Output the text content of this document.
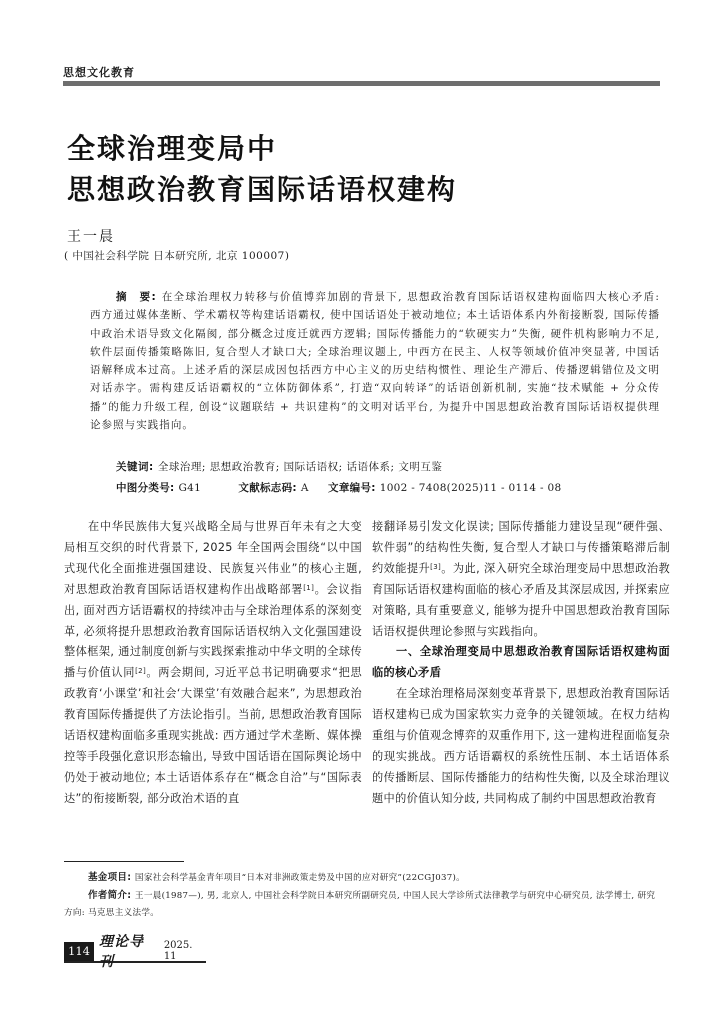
思想文化教育
全球治理变局中
思想政治教育国际话语权建构
王一晨
( 中国社会科学院 日本研究所, 北京 100007)

摘　要: 在全球治理权力转移与价值博弈加剧的背景下, 思想政治教育国际话语权建构面临四大核心矛盾: 西方通过媒体垄断、学术霸权等构建话语霸权, 使中国话语处于被动地位; 本土话语体系内外衔接断裂, 国际传播中政治术语导致文化隔阂, 部分概念过度迁就西方逻辑; 国际传播能力的“软硬实力”失衡, 硬件机构影响力不足, 软件层面传播策略陈旧, 复合型人才缺口大; 全球治理议题上, 中西方在民主、人权等领域价值冲突显著, 中国话语解释成本过高。上述矛盾的深层成因包括西方中心主义的历史结构惯性、理论生产滞后、传播逻辑错位及文明对话赤字。需构建反话语霸权的“立体防御体系”, 打造“双向转译”的话语创新机制, 实施“技术赋能 + 分众传播”的能力升级工程, 创设“议题联结 + 共识建构”的文明对话平台, 为提升中国思想政治教育国际话语权提供理论参照与实践指向。

关键词: 全球治理; 思想政治教育; 国际话语权; 话语体系; 文明互鉴
中图分类号: G41	文献标志码: A 文章编号: 1002 - 7408(2025)11 - 0114 - 08

在中华民族伟大复兴战略全局与世界百年未有之大变局相互交织的时代背景下, 2025 年全国两会围绕“以中国式现代化全面推进强国建设、民族复兴伟业”的核心主题, 对思想政治教育国际话语权建构作出战略部署[1]。会议指出, 面对西方话语霸权的持续冲击与全球治理体系的深刻变革, 必须将提升思想政治教育国际话语权纳入文化强国建设整体框架, 通过制度创新与实践探索推动中华文明的全球传播与价值认同[2]。两会期间, 习近平总书记明确要求“把思政教育‘小课堂’和社会‘大课堂’有效融合起来”, 为思想政治教育国际传播提供了方法论指引。当前, 思想政治教育国际话语权建构面临多重现实挑战: 西方通过学术垄断、媒体操控等手段强化意识形态输出, 导致中国话语在国际舆论场中仍处于被动地位; 本土话语体系存在“概念自洽”与“国际表达”的衔接断裂, 部分政治术语的直

接翻译易引发文化误读; 国际传播能力建设呈现“硬件强、软件弱”的结构性失衡, 复合型人才缺口与传播策略滞后制约效能提升[3]。为此, 深入研究全球治理变局中思想政治教育国际话语权建构面临的核心矛盾及其深层成因, 并探索应对策略, 具有重要意义, 能够为提升中国思想政治教育国际话语权提供理论参照与实践指向。

一、全球治理变局中思想政治教育国际话语权建构面临的核心矛盾

在全球治理格局深刻变革背景下, 思想政治教育国际话语权建构已成为国家软实力竞争的关键领域。在权力结构重组与价值观念博弈的双重作用下, 这一建构进程面临复杂的现实挑战。西方话语霸权的系统性压制、本土话语体系的传播断层、国际传播能力的结构性失衡, 以及全球治理议题中的价值认知分歧, 共同构成了制约中国思想政治教育

基金项目: 国家社会科学基金青年项目“日本对非洲政策走势及中国的应对研究”(22CGJ037)。

作者简介: 王一晨(1987—), 男, 北京人, 中国社会科学院日本研究所副研究员, 中国人民大学诊所式法律教学与研究中心研究员, 法学博士, 研究方向: 马克思主义法学。

114
理论导刊
2025. 11
